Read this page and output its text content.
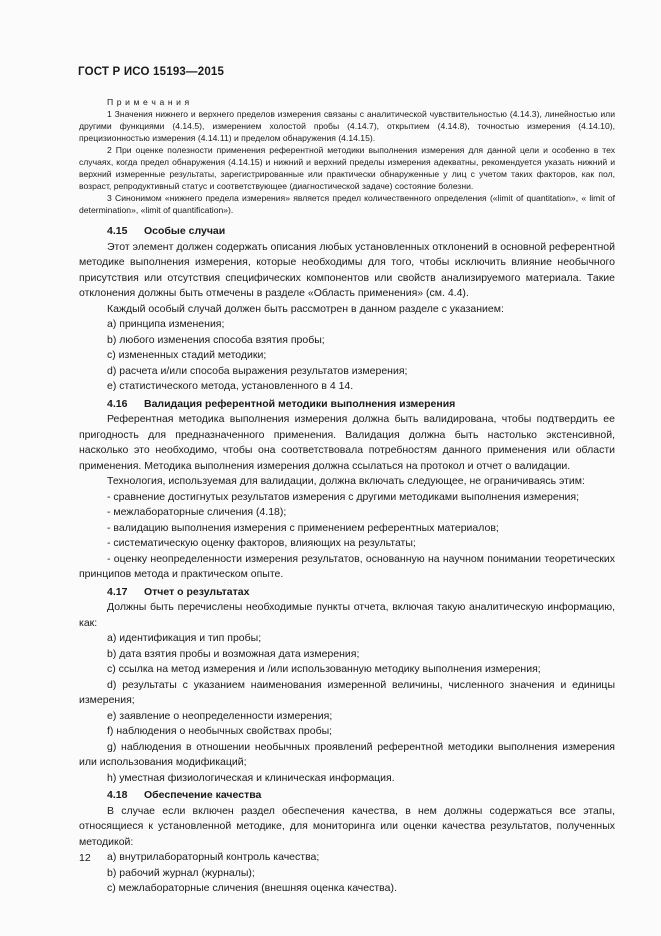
ГОСТ Р ИСО 15193—2015

П р и м е ч а н и я

1 Значения нижнего и верхнего пределов измерения связаны с аналитической чувствительностью (4.14.3), линейностью или другими функциями (4.14.5), измерением холостой пробы (4.14.7), открытием (4.14.8), точностью измерения (4.14.10), прецизионностью измерения (4.14.11) и пределом обнаружения (4.14.15).

2 При оценке полезности применения референтной методики выполнения измерения для данной цели и особенно в тех случаях, когда предел обнаружения (4.14.15) и нижний и верхний пределы измерения адекватны, рекомендуется указать нижний и верхний измеренные результаты, зарегистрированные или практически обнаруженные у лиц с учетом таких факторов, как пол, возраст, репродуктивный статус и соответствующее (диагностической задаче) состояние болезни.

3 Синонимом «нижнего предела измерения» является предел количественного определения («limit of quantitation», « limit of determination», «limit of quantification»).

4.15 Особые случаи

Этот элемент должен содержать описания любых установленных отклонений в основной референтной методике выполнения измерения, которые необходимы для того, чтобы исключить влияние необычного присутствия или отсутствия специфических компонентов или свойств анализируемого материала. Такие отклонения должны быть отмечены в разделе «Область применения» (см. 4.4).

Каждый особый случай должен быть рассмотрен в данном разделе с указанием:

a) принципа изменения;

b) любого изменения способа взятия пробы;

c) измененных стадий методики;

d) расчета и/или способа выражения результатов измерения;

e) статистического метода, установленного в 4 14.

4.16 Валидация референтной методики выполнения измерения

Референтная методика выполнения измерения должна быть валидирована, чтобы подтвердить ее пригодность для предназначенного применения. Валидация должна быть настолько экстенсивной, насколько это необходимо, чтобы она соответствовала потребностям данного применения или области применения. Методика выполнения измерения должна ссылаться на протокол и отчет о валидации.

Технология, используемая для валидации, должна включать следующее, не ограничиваясь этим:

- сравнение достигнутых результатов измерения с другими методиками выполнения измерения;

- межлабораторные сличения (4.18);

- валидацию выполнения измерения с применением референтных материалов;

- систематическую оценку факторов, влияющих на результаты;

- оценку неопределенности измерения результатов, основанную на научном понимании теоретических принципов метода и практическом опыте.

4.17 Отчет о результатах

Должны быть перечислены необходимые пункты отчета, включая такую аналитическую информацию, как:

a) идентификация и тип пробы;

b) дата взятия пробы и возможная дата измерения;

c) ссылка на метод измерения и /или использованную методику выполнения измерения;

d) результаты с указанием наименования измеренной величины, численного значения и единицы измерения;

e) заявление о неопределенности измерения;

f) наблюдения о необычных свойствах пробы;

g) наблюдения в отношении необычных проявлений референтной методики выполнения измерения или использования модификаций;

h) уместная физиологическая и клиническая информация.

4.18 Обеспечение качества

В случае если включен раздел обеспечения качества, в нем должны содержаться все этапы, относящиеся к установленной методике, для мониторинга или оценки качества результатов, полученных методикой:

a) внутрилабораторный контроль качества;

b) рабочий журнал (журналы);

c) межлабораторные сличения (внешняя оценка качества).

12
